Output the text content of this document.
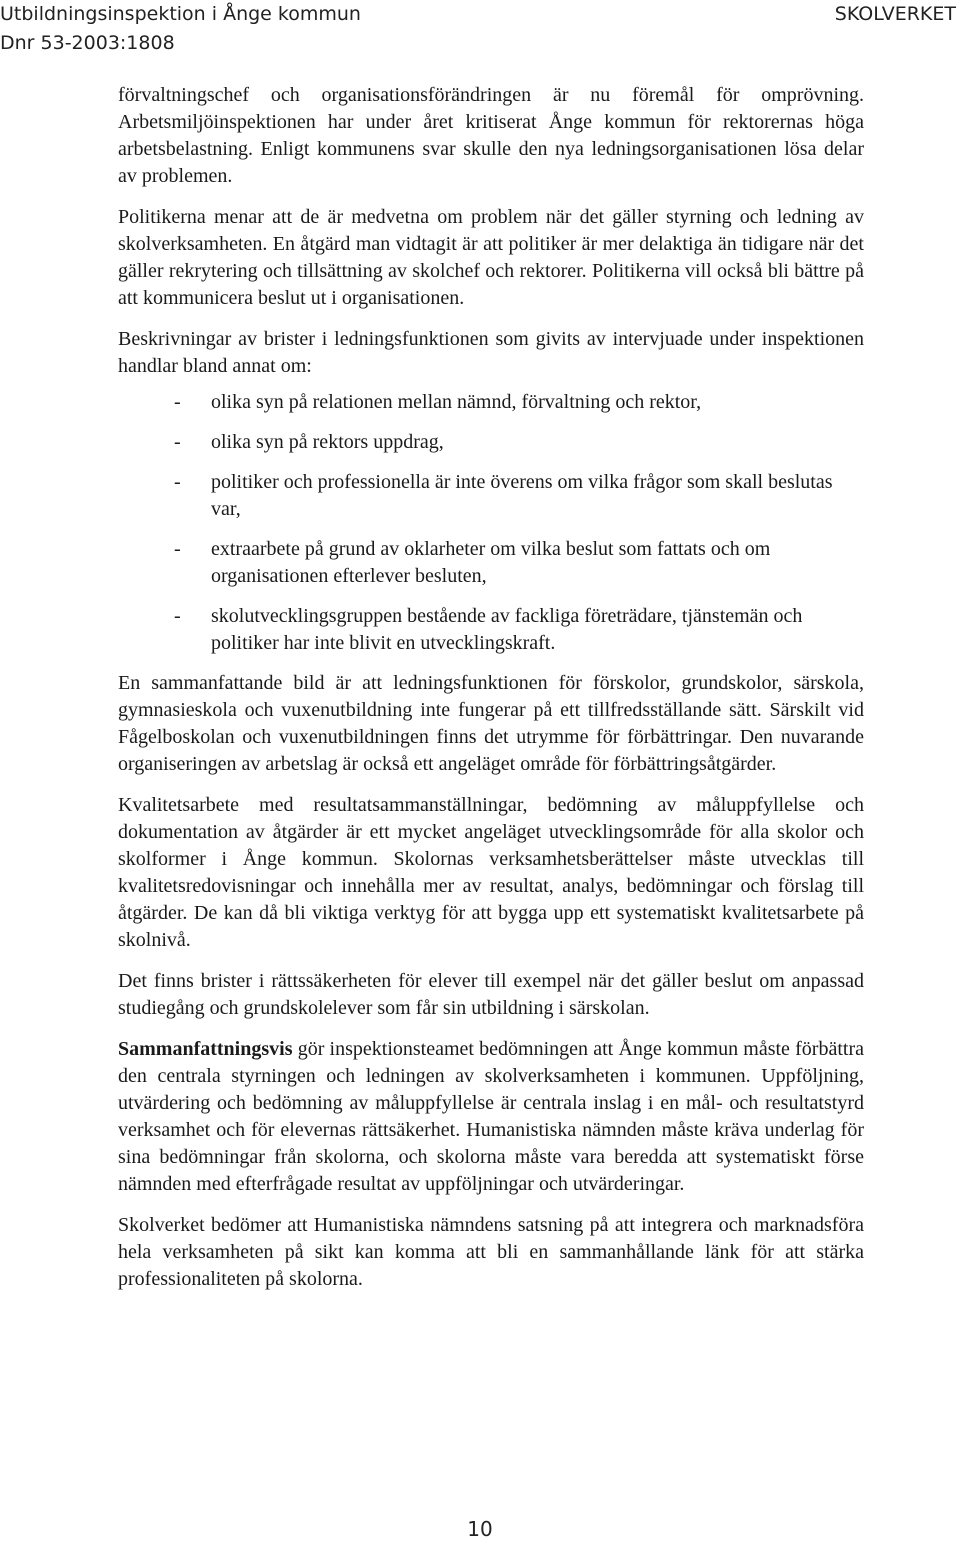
Utbildningsinspektion i Ånge kommun
Dnr 53-2003:1808
SKOLVERKET

förvaltningschef och organisationsförändringen är nu föremål för omprövning. Arbetsmiljöinspektionen har under året kritiserat Ånge kommun för rektorernas höga arbetsbelastning. Enligt kommunens svar skulle den nya ledningsorganisationen lösa delar av problemen.

Politikerna menar att de är medvetna om problem när det gäller styrning och ledning av skolverksamheten. En åtgärd man vidtagit är att politiker är mer delaktiga än tidigare när det gäller rekrytering och tillsättning av skolchef och rektorer. Politikerna vill också bli bättre på att kommunicera beslut ut i organisationen.

Beskrivningar av brister i ledningsfunktionen som givits av intervjuade under inspektionen handlar bland annat om:

- olika syn på relationen mellan nämnd, förvaltning och rektor,
- olika syn på rektors uppdrag,
- politiker och professionella är inte överens om vilka frågor som skall beslutas var,
- extraarbete på grund av oklarheter om vilka beslut som fattats och om organisationen efterlever besluten,
- skolutvecklingsgruppen bestående av fackliga företrädare, tjänstemän och politiker har inte blivit en utvecklingskraft.

En sammanfattande bild är att ledningsfunktionen för förskolor, grundskolor, särskola, gymnasieskola och vuxenutbildning inte fungerar på ett tillfredsställande sätt. Särskilt vid Fågelboskolan och vuxenutbildningen finns det utrymme för förbättringar. Den nuvarande organiseringen av arbetslag är också ett angeläget område för förbättringsåtgärder.

Kvalitetsarbete med resultatsammanställningar, bedömning av måluppfyllelse och dokumentation av åtgärder är ett mycket angeläget utvecklingsområde för alla skolor och skolformer i Ånge kommun. Skolornas verksamhetsberättelser måste utvecklas till kvalitetsredovisningar och innehålla mer av resultat, analys, bedömningar och förslag till åtgärder. De kan då bli viktiga verktyg för att bygga upp ett systematiskt kvalitetsarbete på skolnivå.

Det finns brister i rättssäkerheten för elever till exempel när det gäller beslut om anpassad studiegång och grundskolelever som får sin utbildning i särskolan.

Sammanfattningsvis gör inspektionsteamet bedömningen att Ånge kommun måste förbättra den centrala styrningen och ledningen av skolverksamheten i kommunen. Uppföljning, utvärdering och bedömning av måluppfyllelse är centrala inslag i en mål- och resultatstyrd verksamhet och för elevernas rättsäkerhet. Humanistiska nämnden måste kräva underlag för sina bedömningar från skolorna, och skolorna måste vara beredda att systematiskt förse nämnden med efterfrågade resultat av uppföljningar och utvärderingar.

Skolverket bedömer att Humanistiska nämndens satsning på att integrera och marknadsföra hela verksamheten på sikt kan komma att bli en sammanhållande länk för att stärka professionaliteten på skolorna.

10
